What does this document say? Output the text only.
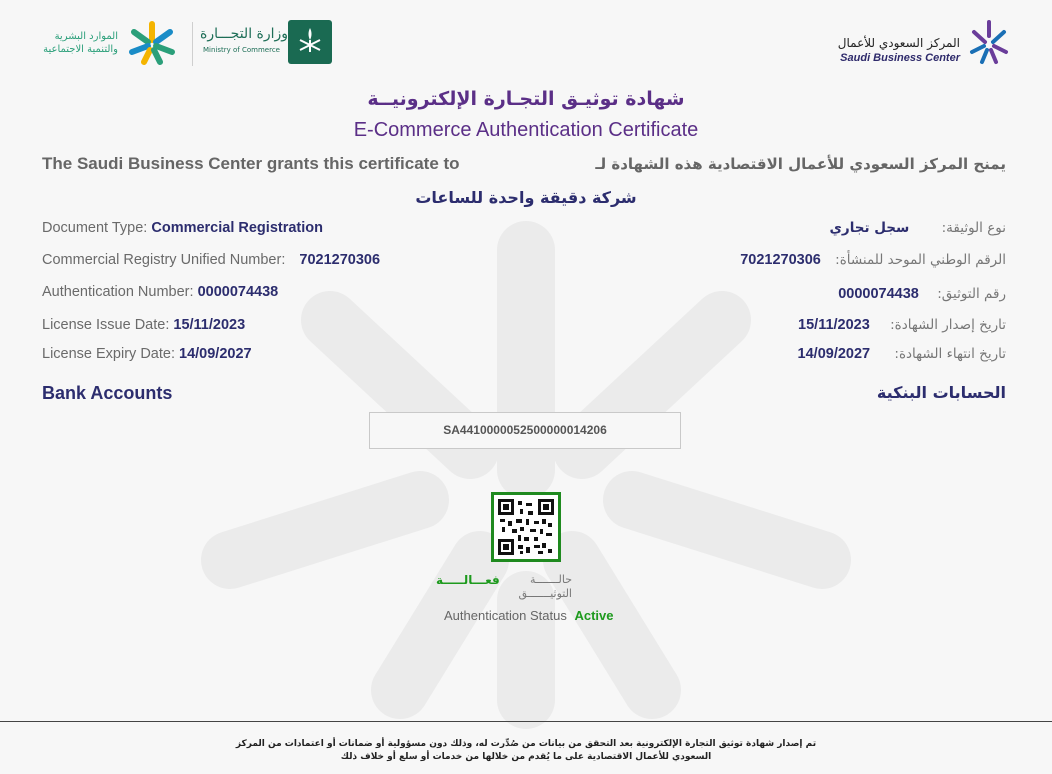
الموارد البشرية
والتنمية الاجتماعية
وزارة التجـــارة
Ministry of Commerce	المركز السعودي للأعمال
Saudi Business Center
شهادة توثيـق التجـارة الإلكترونيــة
E-Commerce Authentication Certificate
The Saudi Business Center grants this certificate to	يمنح المركز السعودي للأعمال الاقتصادية هذه الشهادة لـ
شركة دقيقة واحدة للساعات
Document Type: Commercial Registration
Commercial Registry Unified Number: 7021270306
Authentication Number: 0000074438
License Issue Date: 15/11/2023
License Expiry Date: 14/09/2027
نوع الوثيقة: سجل تجاري
الرقم الوطني الموحد للمنشأة: 7021270306
رقم التوثيق: 0000074438
تاريخ إصدار الشهادة: 15/11/2023
تاريخ انتهاء الشهادة: 14/09/2027
Bank Accounts	الحسابات البنكية
SA4410000052500000014206
حالـــــــة
التوثيـــــــق
فعـــالـــــة
Authentication Status Active
تم إصدار شهادة توثيق التجارة الإلكترونية بعد التحقق من بيانات من صُدِّرت له، وذلك دون مسؤولية أو ضمانات أو اعتمادات من المركز
السعودي للأعمال الاقتصادية على ما يُقدم من خلالها من خدمات أو سلع أو خلاف ذلك
